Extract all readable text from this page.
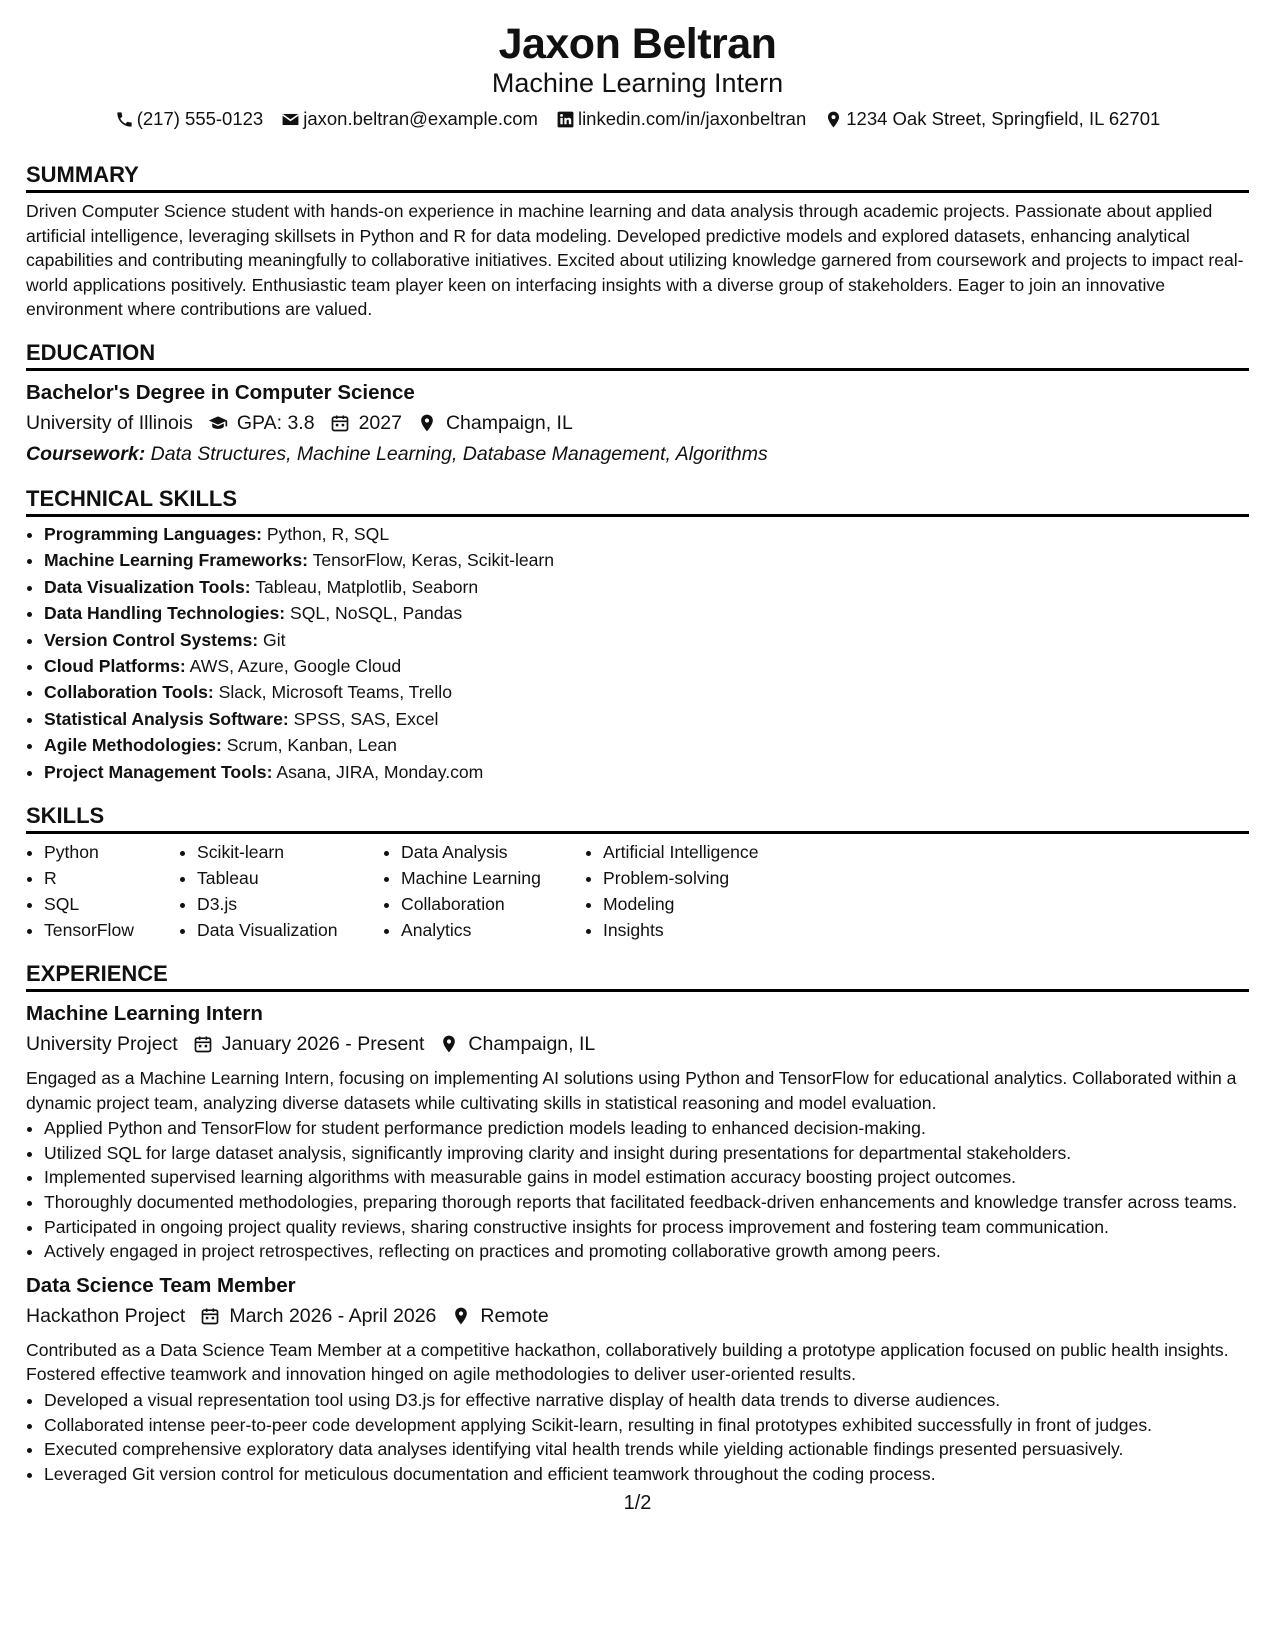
Jaxon Beltran
Machine Learning Intern
(217) 555-0123 jaxon.beltran@example.com linkedin.com/in/jaxonbeltran 1234 Oak Street, Springfield, IL 62701
SUMMARY
Driven Computer Science student with hands-on experience in machine learning and data analysis through academic projects. Passionate about applied artificial intelligence, leveraging skillsets in Python and R for data modeling. Developed predictive models and explored datasets, enhancing analytical capabilities and contributing meaningfully to collaborative initiatives. Excited about utilizing knowledge garnered from coursework and projects to impact real-world applications positively. Enthusiastic team player keen on interfacing insights with a diverse group of stakeholders. Eager to join an innovative environment where contributions are valued.
EDUCATION
Bachelor's Degree in Computer Science
University of Illinois GPA: 3.8 2027 Champaign, IL
Coursework: Data Structures, Machine Learning, Database Management, Algorithms
TECHNICAL SKILLS
• Programming Languages: Python, R, SQL
• Machine Learning Frameworks: TensorFlow, Keras, Scikit-learn
• Data Visualization Tools: Tableau, Matplotlib, Seaborn
• Data Handling Technologies: SQL, NoSQL, Pandas
• Version Control Systems: Git
• Cloud Platforms: AWS, Azure, Google Cloud
• Collaboration Tools: Slack, Microsoft Teams, Trello
• Statistical Analysis Software: SPSS, SAS, Excel
• Agile Methodologies: Scrum, Kanban, Lean
• Project Management Tools: Asana, JIRA, Monday.com
SKILLS
• Python
• R
• SQL
• TensorFlow
• Scikit-learn
• Tableau
• D3.js
• Data Visualization
• Data Analysis
• Machine Learning
• Collaboration
• Analytics
• Artificial Intelligence
• Problem-solving
• Modeling
• Insights
EXPERIENCE
Machine Learning Intern
University Project January 2026 - Present Champaign, IL
Engaged as a Machine Learning Intern, focusing on implementing AI solutions using Python and TensorFlow for educational analytics. Collaborated within a dynamic project team, analyzing diverse datasets while cultivating skills in statistical reasoning and model evaluation.
• Applied Python and TensorFlow for student performance prediction models leading to enhanced decision-making.
• Utilized SQL for large dataset analysis, significantly improving clarity and insight during presentations for departmental stakeholders.
• Implemented supervised learning algorithms with measurable gains in model estimation accuracy boosting project outcomes.
• Thoroughly documented methodologies, preparing thorough reports that facilitated feedback-driven enhancements and knowledge transfer across teams.
• Participated in ongoing project quality reviews, sharing constructive insights for process improvement and fostering team communication.
• Actively engaged in project retrospectives, reflecting on practices and promoting collaborative growth among peers.
Data Science Team Member
Hackathon Project March 2026 - April 2026 Remote
Contributed as a Data Science Team Member at a competitive hackathon, collaboratively building a prototype application focused on public health insights. Fostered effective teamwork and innovation hinged on agile methodologies to deliver user-oriented results.
• Developed a visual representation tool using D3.js for effective narrative display of health data trends to diverse audiences.
• Collaborated intense peer-to-peer code development applying Scikit-learn, resulting in final prototypes exhibited successfully in front of judges.
• Executed comprehensive exploratory data analyses identifying vital health trends while yielding actionable findings presented persuasively.
• Leveraged Git version control for meticulous documentation and efficient teamwork throughout the coding process.
1/2
